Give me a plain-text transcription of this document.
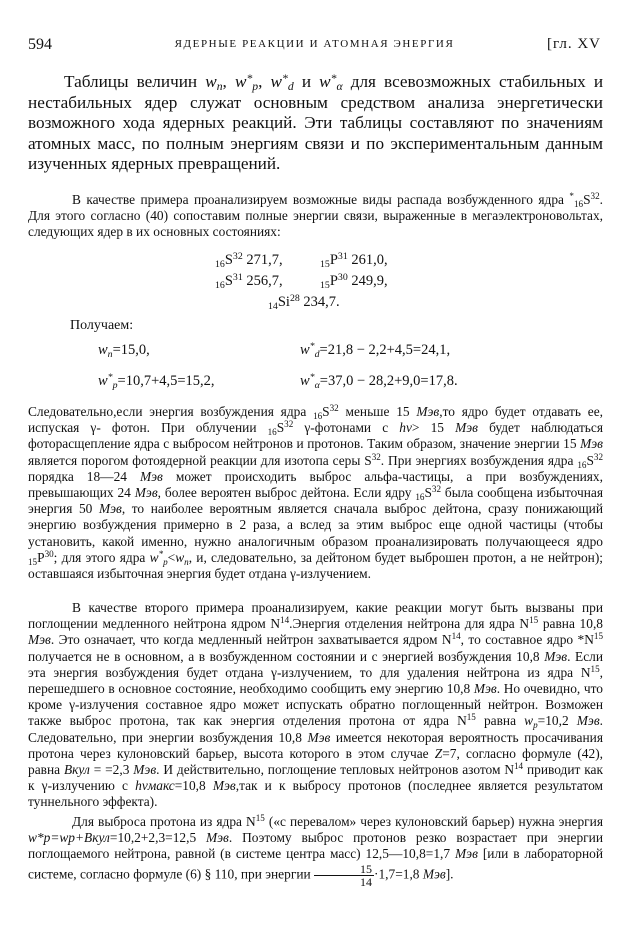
594	ЯДЕРНЫЕ РЕАКЦИИ И АТОМНАЯ ЭНЕРГИЯ	[гл. XV
Таблицы величин $w_n$, $w^*_p$, $w^*_d$ и $w^*_\alpha$ для всевозможных стабильных и нестабильных ядер служат основным средством анализа энергетически возможного хода ядерных реакций. Эти таблицы составляют по значениям атомных масс, по полным энергиям связи и по экспериментальным данным изученных ядерных превращений.
В качестве примера проанализируем возможные виды распада возбужденного ядра $^*_{16}S^{32}$. Для этого согласно (40) сопоставим полные энергии связи, выраженные в мегаэлектроновольтах, следующих ядер в их основных состояниях:
$_{16}S^{32}$ 271,7,	$_{15}P^{31}$ 261,0,
$_{16}S^{31}$ 256,7,	$_{15}P^{30}$ 249,9,
$_{14}Si^{28}$ 234,7.
Получаем:
$w_n=15,0$,	$w^*_d=21,8 - 2,2+4,5=24,1$,
$w^*_p=10,7+4,5=15,2$,	$w^*_\alpha=37,0 - 28,2+9,0=17,8$.
Следовательно,если энергия возбуждения ядра $_{16}S^{32}$ меньше 15 Мэв,то ядро будет отдавать ее, испуская γ- фотон. При облучении $_{16}S^{32}$ γ-фотонами с hν> 15 Мэв будет наблюдаться фоторасщепление ядра с выбросом нейтронов и протонов. Таким образом, значение энергии 15 Мэв является порогом фотоядерной реакции для изотопа серы $S^{32}$. При энергиях возбуждения ядра $_{16}S^{32}$ порядка 18—24 Мэв может происходить выброс альфа-частицы, а при возбуждениях, превышающих 24 Мэв, более вероятен выброс дейтона. Если ядру $_{16}S^{32}$ была сообщена избыточная энергия 50 Мэв, то наиболее вероятным является сначала выброс дейтона, сразу понижающий энергию возбуждения примерно в 2 раза, а вслед за этим выброс еще одной частицы (чтобы установить, какой именно, нужно аналогичным образом проанализировать получающееся ядро $_{15}P^{30}$; для этого ядра $w^*_p<w_n$, и, следовательно, за дейтоном будет выброшен протон, а не нейтрон); оставшаяся избыточная энергия будет отдана γ-излучением.
В качестве второго примера проанализируем, какие реакции могут быть вызваны при поглощении медленного нейтрона ядром $N^{14}.Энергия$ отделения нейтрона для ядра $N^{15}$ равна 10,8 Мэв. Это означает, что когда медленный нейтрон захватывается ядром $N^{14}$, то составное ядро $*N^{15}$ получается не в основном, а в возбужденном состоянии и с энергией возбуждения 10,8 Мэв. Если эта энергия возбуждения будет отдана γ-излучением, то для удаления нейтрона из ядра $N^{15}$, перешедшего в основное состояние, необходимо сообщить ему энергию 10,8 Мэв. Но очевидно, что кроме γ-излучения составное ядро может испускать обратно поглощенный нейтрон. Возможен также выброс протона, так как энергия отделения протона от ядра $N^{15}$ равна $w_p=10,2$ Мэв. Следовательно, при энергии возбуждения 10,8 Мэв имеется некоторая вероятность просачивания протона через кулоновский барьер, высота которого в этом случае Z=7, согласно формуле (42), равна Bкул = =2,3 Мэв. И действительно, поглощение тепловых нейтронов азотом $N^{14}$ приводит как к γ-излучению с hνмакс=10,8 Мэв,так и к выбросу протонов (последнее является результатом туннельного эффекта).
Для выброса протона из ядра $N^{15}$ («с перевалом» через кулоновский барьер) нужна энергия w*p=wp+Bкул=10,2+2,3=12,5 Мэв. Поэтому выброс протонов резко возрастает при энергии поглощаемого нейтрона, равной (в системе центра масс) 12,5—10,8=1,7 Мэв [или в лабораторной системе, согласно формуле (6) § 110, при энергии $\frac{15}{14} \cdot 1,7=1,8$ Мэв].
